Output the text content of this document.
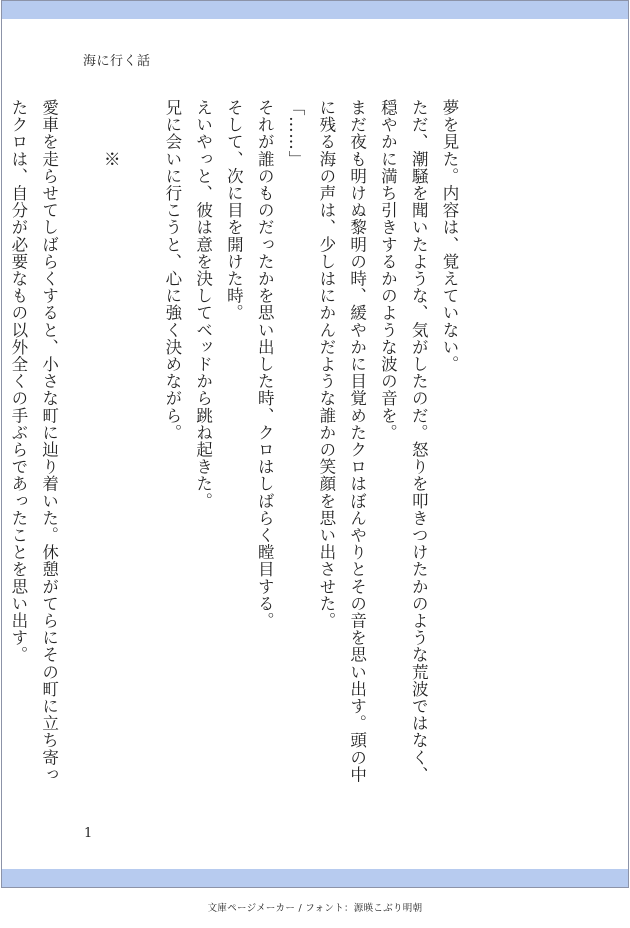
海に行く話

夢を見た。内容は、覚えていない。

ただ、潮騒を聞いたような、気がしたのだ。怒りを叩きつけたかのような荒波ではなく、穏やかに満ち引きするかのような波の音を。

まだ夜も明けぬ黎明の時、緩やかに目覚めたクロはぼんやりとその音を思い出す。頭の中に残る海の声は、少しはにかんだような誰かの笑顔を思い出させた。

「……」

それが誰のものだったかを思い出した時、クロはしばらく瞠目する。

そして、次に目を開けた時。

えいやっと、彼は意を決してベッドから跳ね起きた。

兄に会いに行こうと、心に強く決めながら。

　　　※

愛車を走らせてしばらくすると、小さな町に辿り着いた。休憩がてらにその町に立ち寄ったクロは、自分が必要なもの以外全くの手ぶらであったことを思い出す。

1
文庫ページメーカー / フォント：源暎こぶり明朝
